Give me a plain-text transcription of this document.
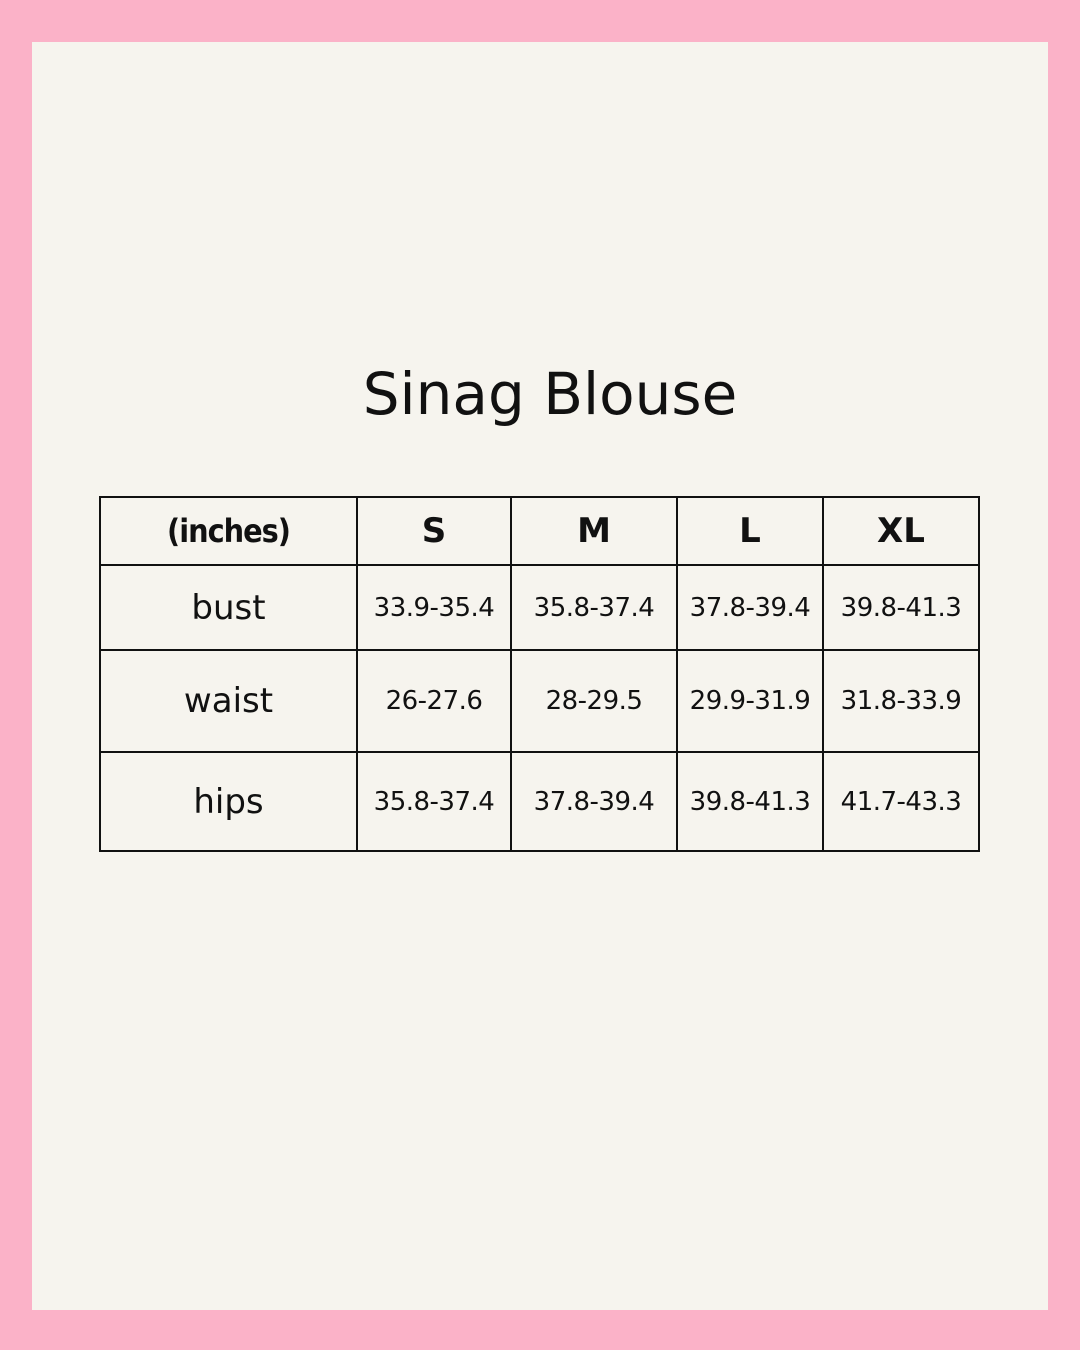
Sinag Blouse
(inches)	S	M	L	XL
bust	33.9-35.4	35.8-37.4	37.8-39.4	39.8-41.3
waist	26-27.6	28-29.5	29.9-31.9	31.8-33.9
hips	35.8-37.4	37.8-39.4	39.8-41.3	41.7-43.3
